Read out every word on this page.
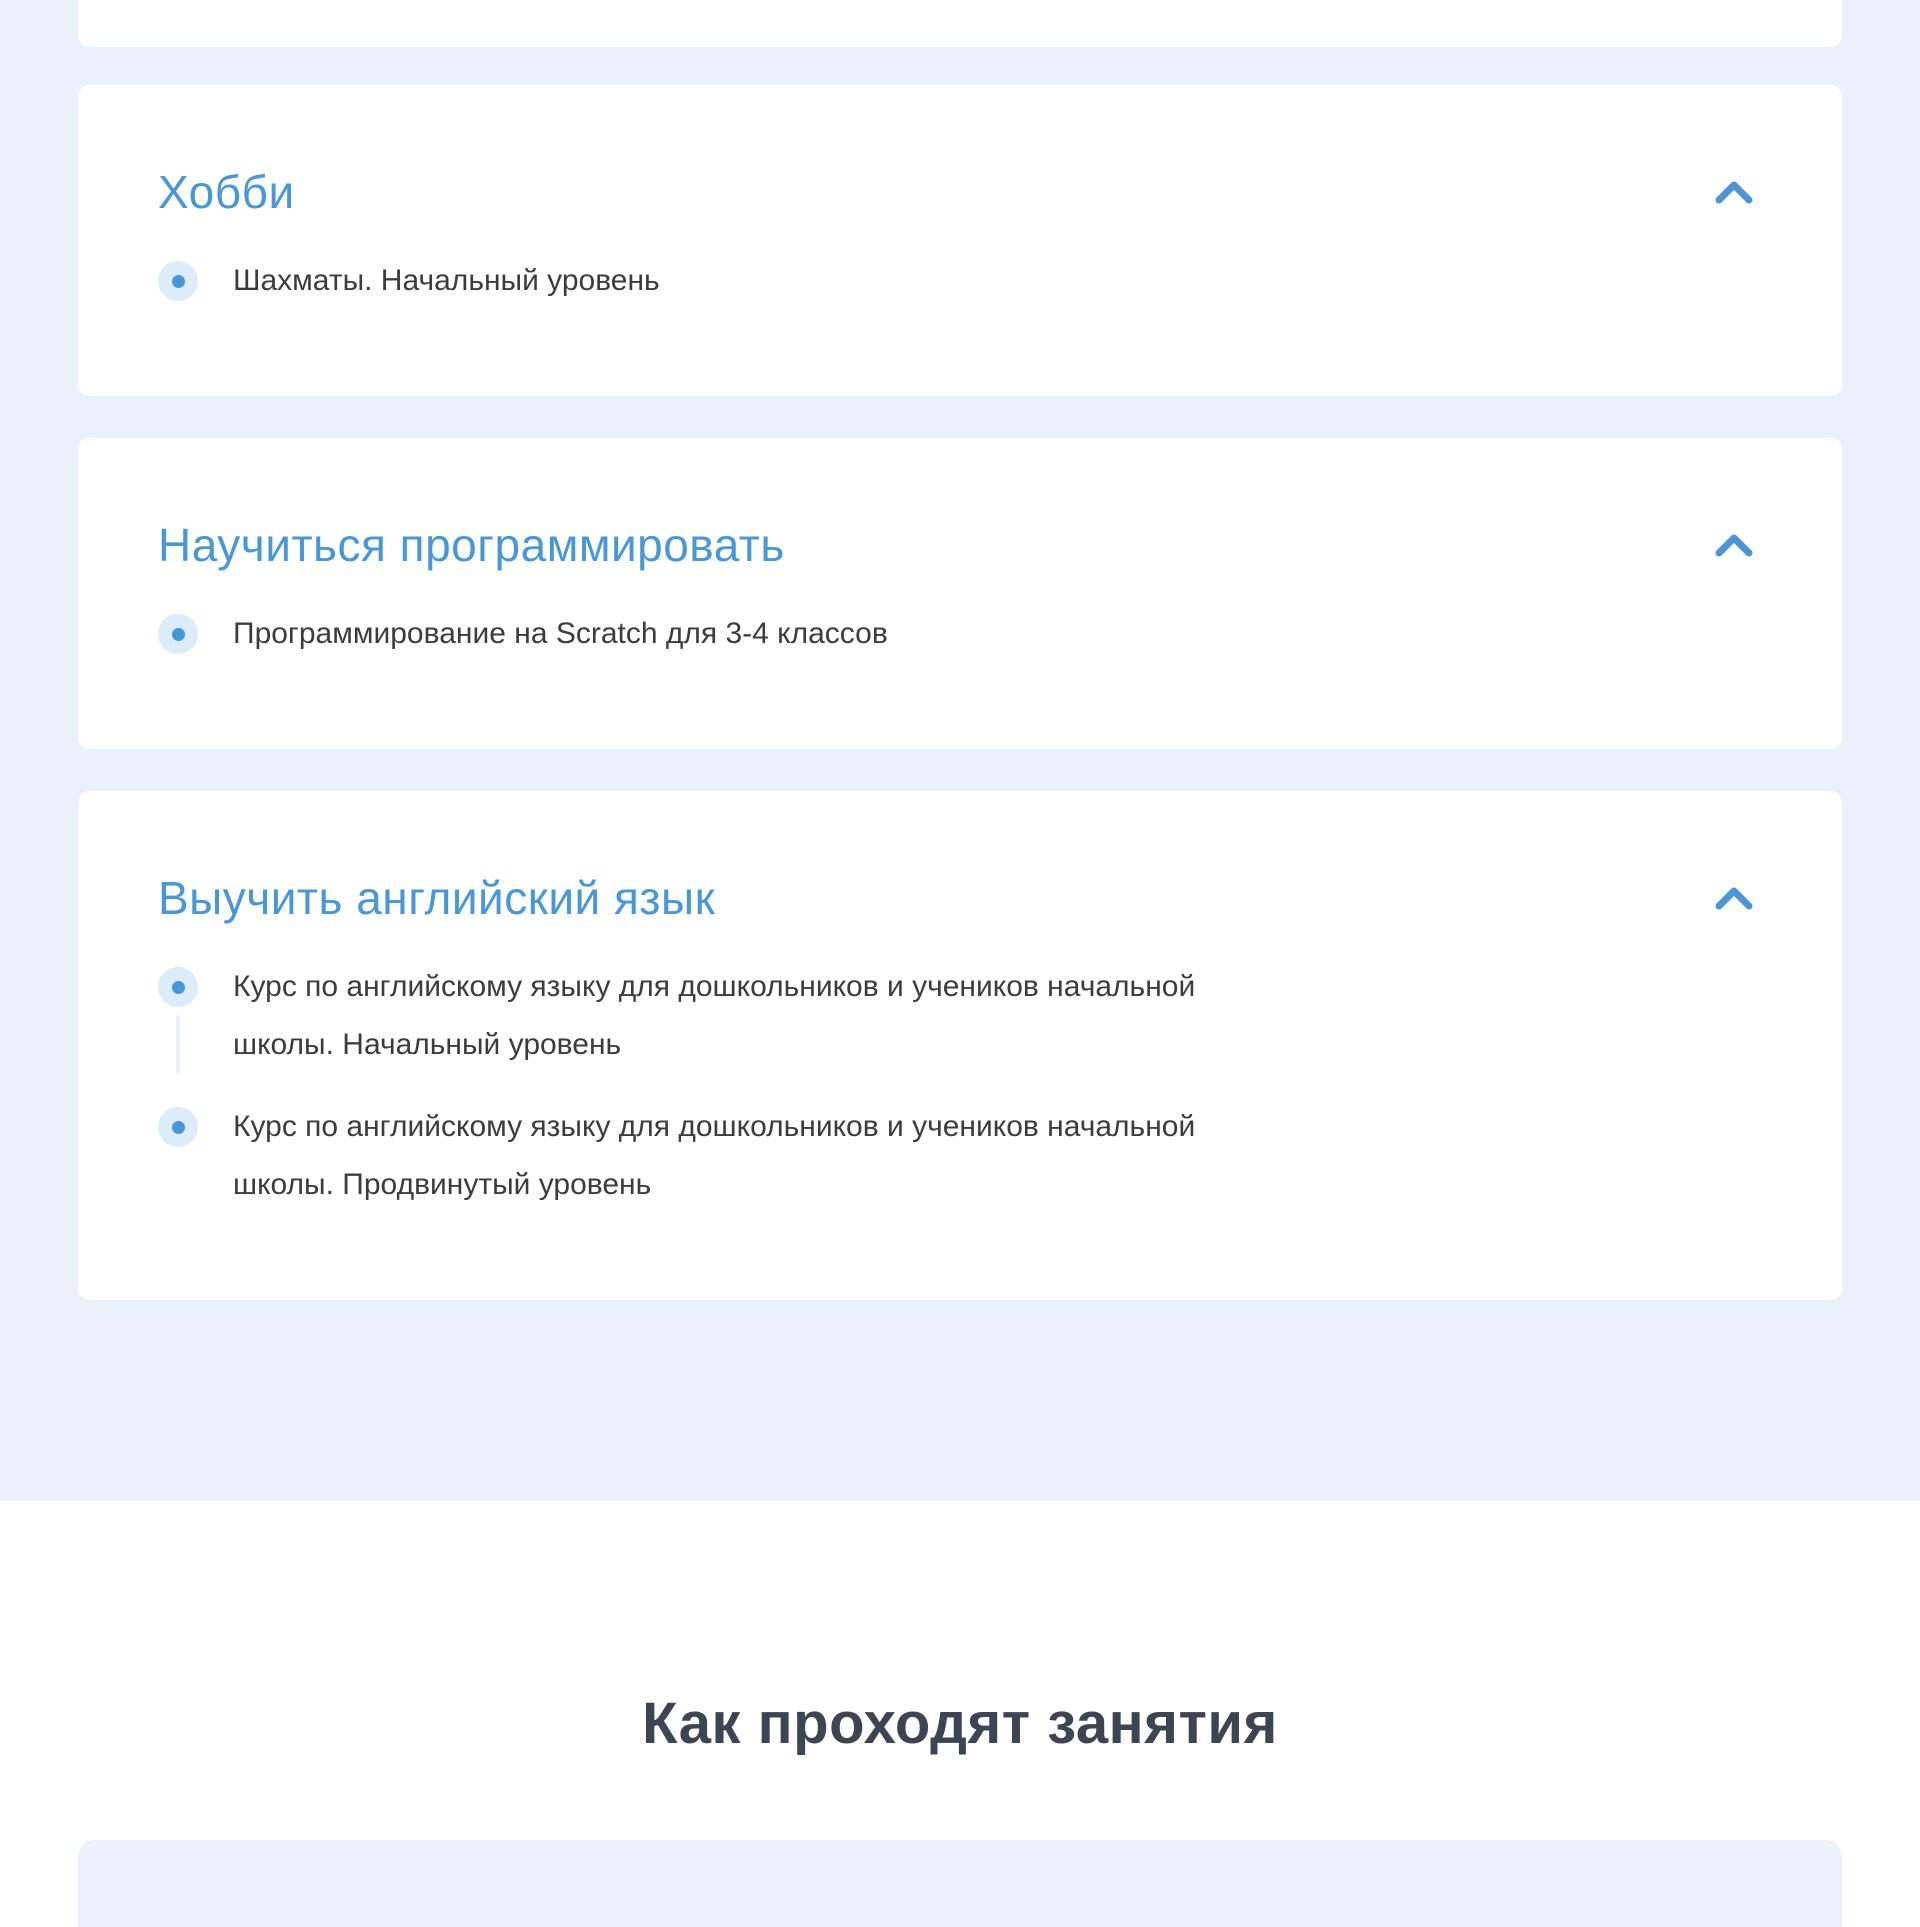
Хобби
Шахматы. Начальный уровень
Научиться программировать
Программирование на Scratch для 3-4 классов
Выучить английский язык
Курс по английскому языку для дошкольников и учеников начальной школы. Начальный уровень
Курс по английскому языку для дошкольников и учеников начальной школы. Продвинутый уровень
Как проходят занятия
